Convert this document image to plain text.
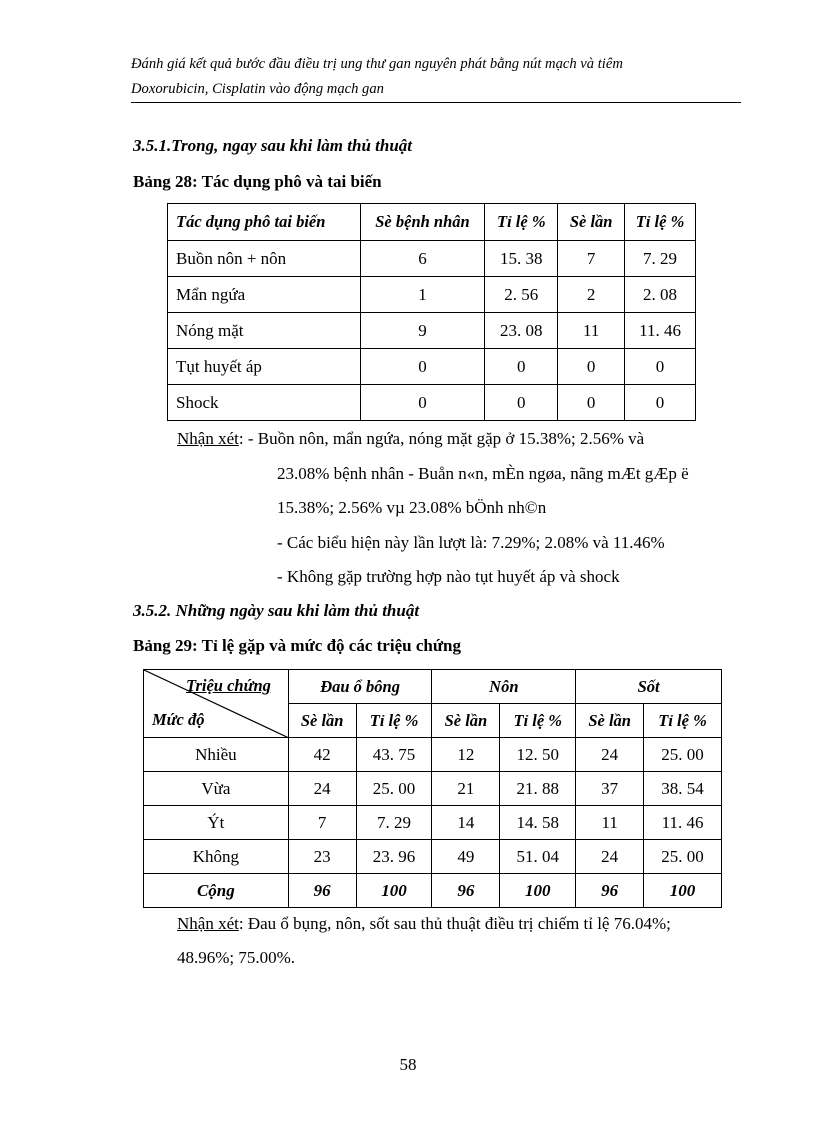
Đánh giá kết quả bước đầu điều trị ung thư gan nguyên phát bằng nút mạch và tiêm
Doxorubicin, Cisplatin vào động mạch gan
3.5.1.Trong, ngay sau khi làm thủ thuật
Bảng 28: Tác dụng phô và tai biến
Tác dụng phô tai biến	Sè bệnh nhân	Tỉ lệ %	Sè lần	Tỉ lệ %
Buồn nôn + nôn	6	15. 38	7	7. 29
Mẩn ngứa	1	2. 56	2	2. 08
Nóng mặt	9	23. 08	11	11. 46
Tụt huyết áp	0	0	0	0
Shock	0	0	0	0
Nhận xét: - Buồn nôn, mẩn ngứa, nóng mặt gặp ở 15.38%; 2.56% và
23.08% bệnh nhân - Buån n«n, mÈn ngøa, nãng mÆt gÆp ë
15.38%; 2.56% vµ 23.08% bÖnh nh©n
- Các biểu hiện này lần lượt là: 7.29%; 2.08% và 11.46%
- Không gặp trường hợp nào tụt huyết áp và shock
3.5.2. Những ngày sau khi làm thủ thuật
Bảng 29: Tỉ lệ gặp và mức độ các triệu chứng
Triệu chứng
Mức độ	Đau ổ bông		Nôn		Sốt	
	Sè lần	Tỉ lệ %	Sè lần	Tỉ lệ %	Sè lần	Tỉ lệ %
Nhiều	42	43. 75	12	12. 50	24	25. 00
Vừa	24	25. 00	21	21. 88	37	38. 54
Ýt	7	7. 29	14	14. 58	11	11. 46
Không	23	23. 96	49	51. 04	24	25. 00
Cộng	96	100	96	100	96	100
Nhận xét: Đau ổ bụng, nôn, sốt sau thủ thuật điều trị chiếm tỉ lệ 76.04%;
48.96%; 75.00%.
58
